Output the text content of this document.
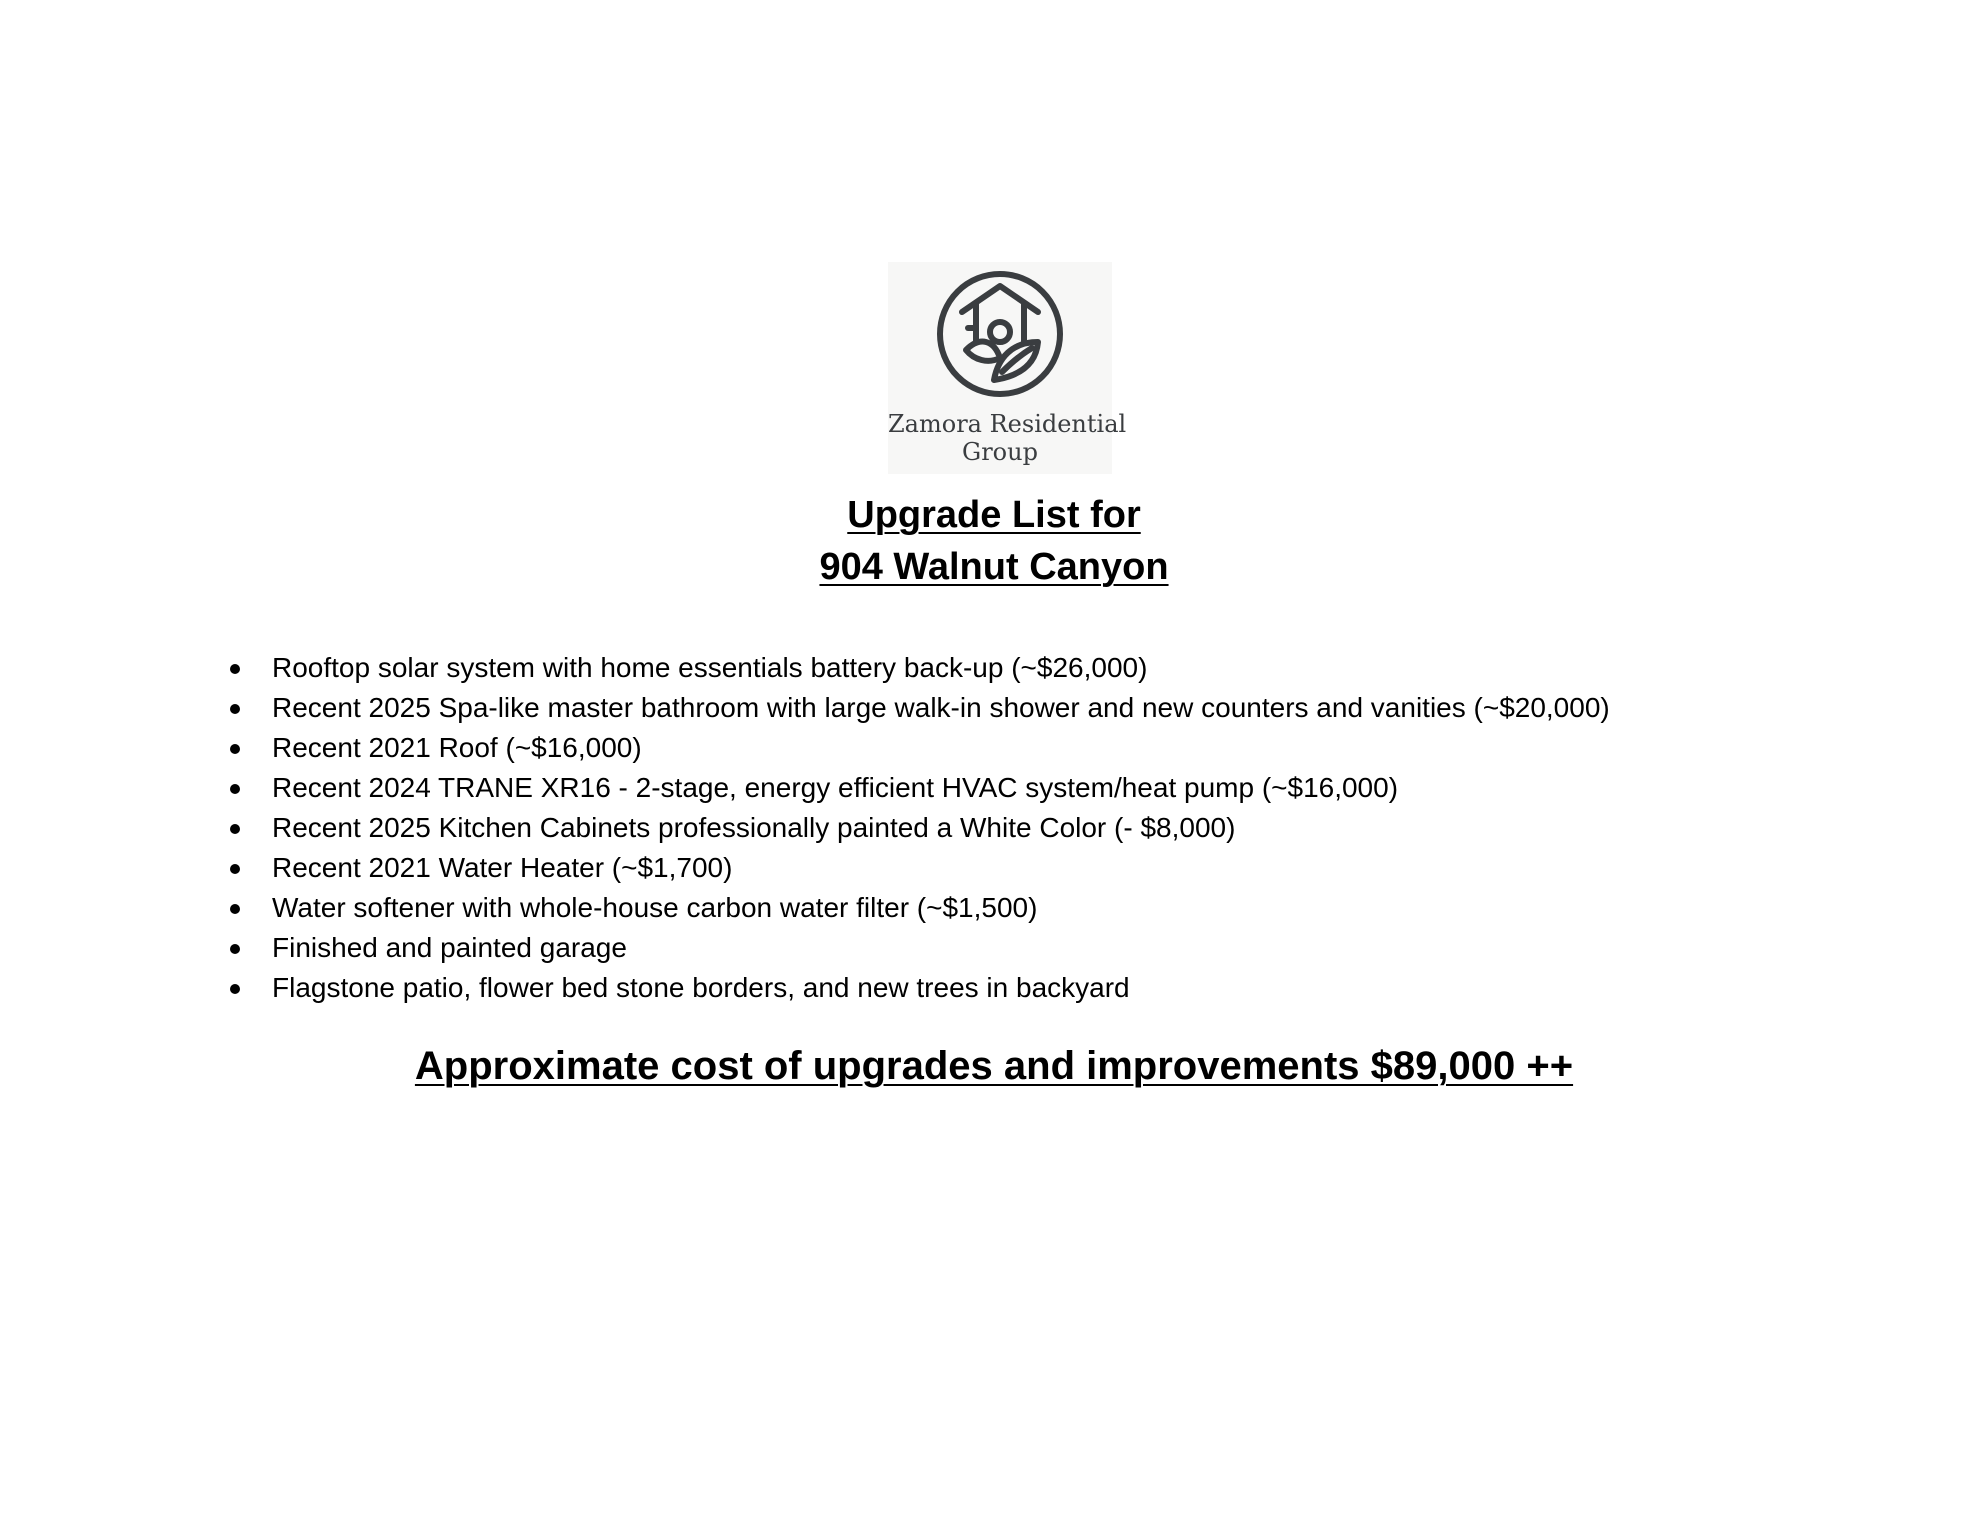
Zamora Residential
Group
Upgrade List for
904 Walnut Canyon
Rooftop solar system with home essentials battery back-up (~$26,000)
Recent 2025 Spa-like master bathroom with large walk-in shower and new counters and vanities (~$20,000)
Recent 2021 Roof (~$16,000)
Recent 2024 TRANE XR16 - 2-stage, energy efficient HVAC system/heat pump (~$16,000)
Recent 2025 Kitchen Cabinets professionally painted a White Color (- $8,000)
Recent 2021 Water Heater (~$1,700)
Water softener with whole-house carbon water filter (~$1,500)
Finished and painted garage
Flagstone patio, flower bed stone borders, and new trees in backyard
Approximate cost of upgrades and improvements $89,000 ++
